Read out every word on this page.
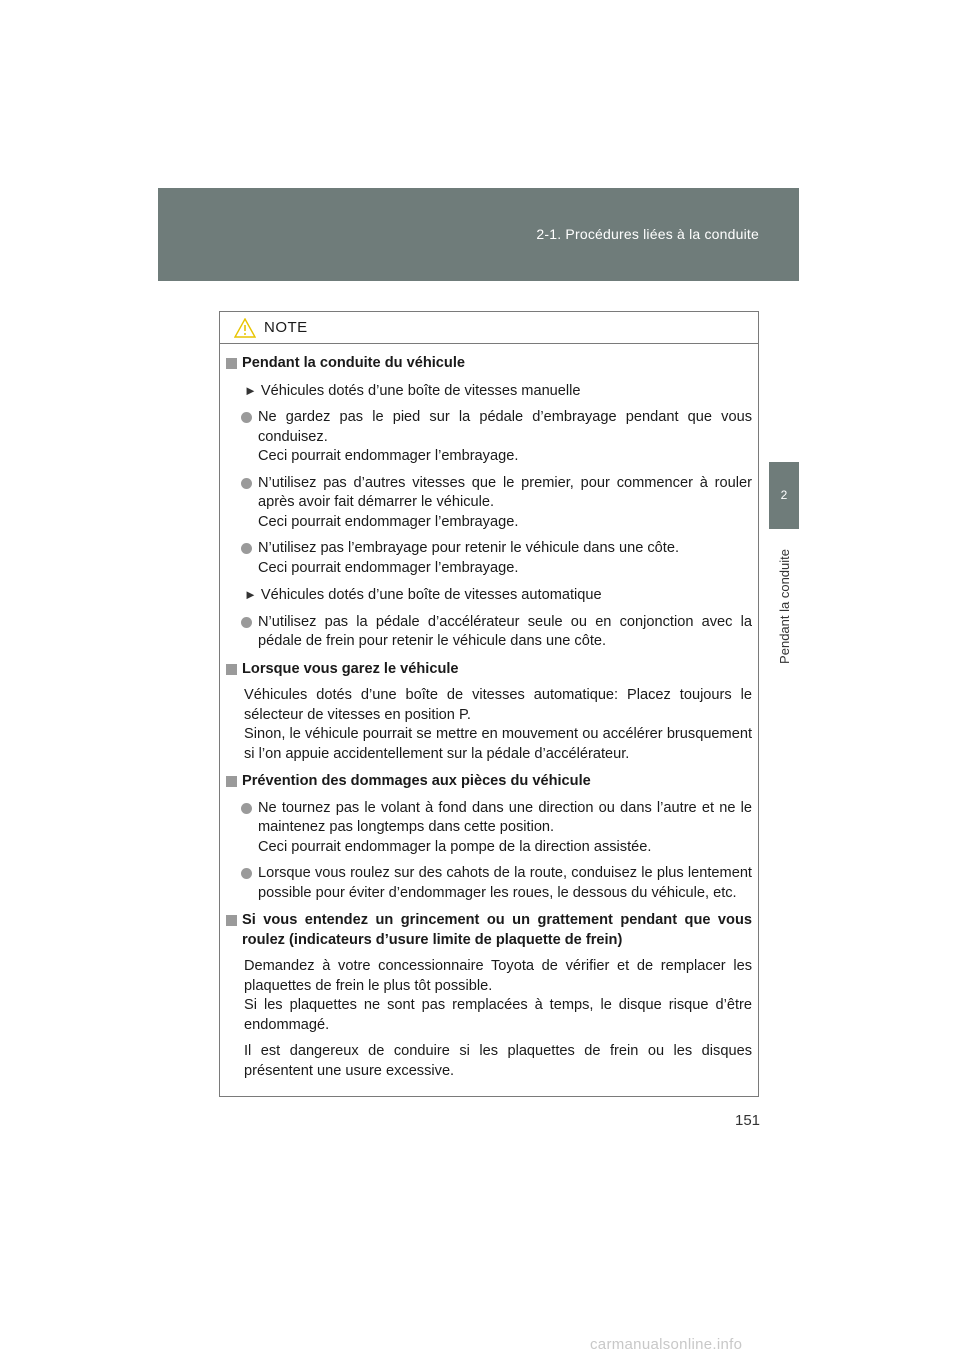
2-1. Procédures liées à la conduite
2
Pendant la conduite
NOTE
Pendant la conduite du véhicule
► Véhicules dotés d’une boîte de vitesses manuelle
Ne gardez pas le pied sur la pédale d’embrayage pendant que vous conduisez.
Ceci pourrait endommager l’embrayage.
N’utilisez pas d’autres vitesses que le premier, pour commencer à rouler après avoir fait démarrer le véhicule.
Ceci pourrait endommager l’embrayage.
N’utilisez pas l’embrayage pour retenir le véhicule dans une côte.
Ceci pourrait endommager l’embrayage.
► Véhicules dotés d’une boîte de vitesses automatique
N’utilisez pas la pédale d’accélérateur seule ou en conjonction avec la pédale de frein pour retenir le véhicule dans une côte.
Lorsque vous garez le véhicule
Véhicules dotés d’une boîte de vitesses automatique: Placez toujours le sélecteur de vitesses en position P.
Sinon, le véhicule pourrait se mettre en mouvement ou accélérer brusquement si l’on appuie accidentellement sur la pédale d’accélérateur.
Prévention des dommages aux pièces du véhicule
Ne tournez pas le volant à fond dans une direction ou dans l’autre et ne le maintenez pas longtemps dans cette position.
Ceci pourrait endommager la pompe de la direction assistée.
Lorsque vous roulez sur des cahots de la route, conduisez le plus lentement possible pour éviter d’endommager les roues, le dessous du véhicule, etc.
Si vous entendez un grincement ou un grattement pendant que vous roulez (indicateurs d’usure limite de plaquette de frein)
Demandez à votre concessionnaire Toyota de vérifier et de remplacer les plaquettes de frein le plus tôt possible.
Si les plaquettes ne sont pas remplacées à temps, le disque risque d’être endommagé.
Il est dangereux de conduire si les plaquettes de frein ou les disques présentent une usure excessive.
151
carmanualsonline.info
